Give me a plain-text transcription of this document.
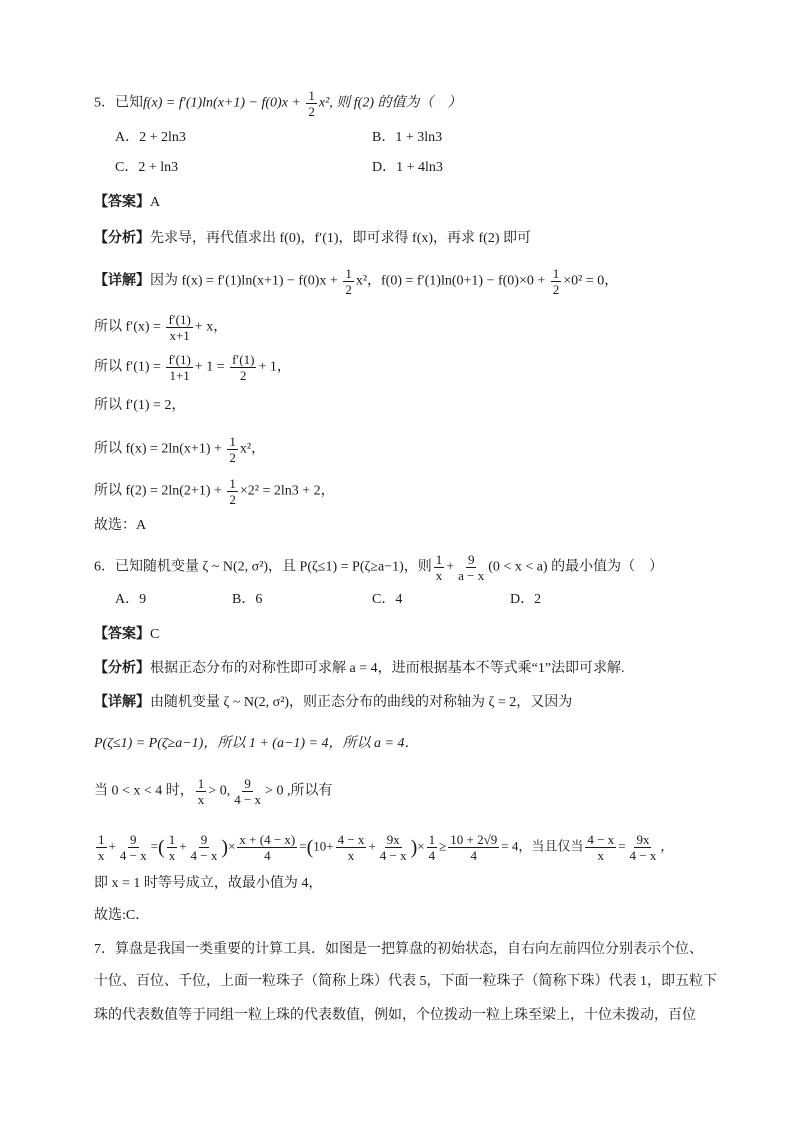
5．已知$f(x) = f'(1)\ln(x+1) - f(0)x + \frac{1}{2} x^2$, 则 f(2) 的值为（　）
A．2 + 2ln3	B．1 + 3ln3
C．2 + ln3	D．1 + 4ln3
【答案】A
【分析】先求导，再代值求出 f(0)，f′(1)，即可求得 f(x)，再求 f(2) 即可
【详解】因为 $f(x) = f'(1)\ln(x+1) - f(0)x + \frac{1}{2} x^2$，$f(0) = f'(1)\ln(0+1) - f(0)\times 0 + \frac{1}{2} \times 0^2 = 0$，
所以 $f'(x) = \frac{f'(1)}{x+1} + x$，
所以 $f'(1) = \frac{f'(1)}{1+1} + 1 = \frac{f'(1)}{2} + 1$，
所以 f′(1) = 2，
所以 $f(x) = 2\ln(x+1) + \frac{1}{2} x^2$，
所以 $f(2) = 2\ln(2+1) + \frac{1}{2} \times 2^2 = 2\ln 3 + 2$，
故选：A
6．已知随机变量 ζ ~ N(2, σ²)，且 P(ζ≤1) = P(ζ≥a−1)，则 $\frac{1}{x} + \frac{9}{a - x} (0 < x < a)$ 的最小值为（　）
A．9	B．6	C．4	D．2
【答案】C
【分析】根据正态分布的对称性即可求解 a = 4，进而根据基本不等式乘“1”法即可求解.
【详解】由随机变量 ζ ~ N(2, σ²)，则正态分布的曲线的对称轴为 ζ = 2，又因为
P(ζ≤1) = P(ζ≥a−1)，所以 1 + (a−1) = 4，所以 a = 4．
当 0 < x < 4 时， $\frac{1}{x} > 0$, $\frac{9}{4 - x} > 0$ ,所以有
$\frac{1}{x} + \frac{9}{4 - x}$ =( $\frac{1}{x} + \frac{9}{4 - x}$ )× $\frac{x + (4 - x)}{4} =(10+ \frac{4 - x}{x} + \frac{9x}{4 - x}$ )× $\frac{1}{4} \ge \frac{10 + 2√9}{4} = 4$，当且仅当 $\frac{4 - x}{x} = \frac{9x}{4 - x}$ ，
即 x = 1 时等号成立，故最小值为 4，
故选:C．
7．算盘是我国一类重要的计算工具．如图是一把算盘的初始状态，自右向左前四位分别表示个位、
十位、百位、千位，上面一粒珠子（简称上珠）代表 5，下面一粒珠子（简称下珠）代表 1，即五粒下
珠的代表数值等于同组一粒上珠的代表数值，例如，个位拨动一粒上珠至梁上，十位未拨动，百位
